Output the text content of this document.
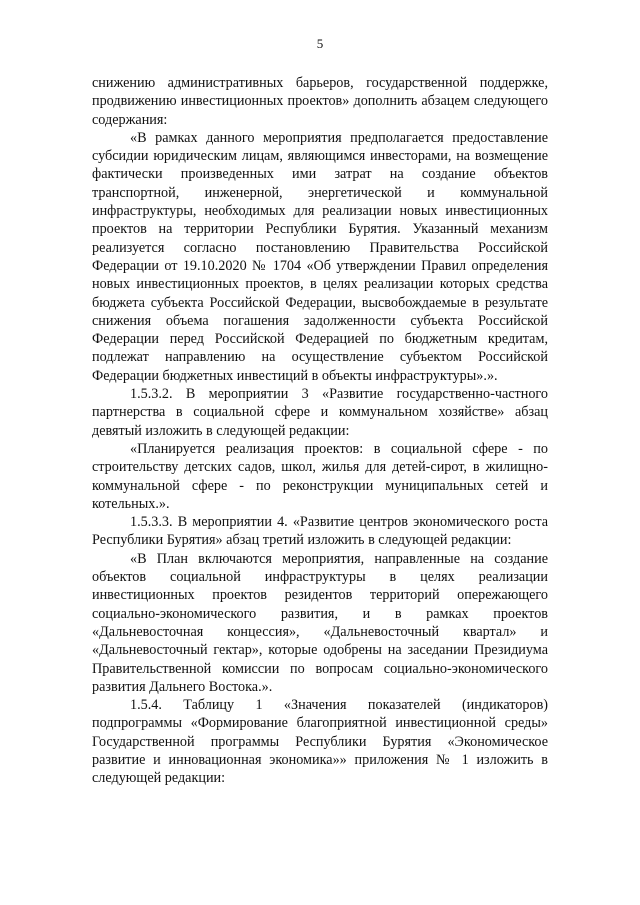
5

снижению административных барьеров, государственной поддержке, продвижению инвестиционных проектов» дополнить абзацем следующего содержания:

«В рамках данного мероприятия предполагается предоставление субсидии юридическим лицам, являющимся инвесторами, на возмещение фактически произведенных ими затрат на создание объектов транспортной, инженерной, энергетической и коммунальной инфраструктуры, необходимых для реализации новых инвестиционных проектов на территории Республики Бурятия. Указанный механизм реализуется согласно постановлению Правительства Российской Федерации от 19.10.2020 № 1704 «Об утверждении Правил определения новых инвестиционных проектов, в целях реализации которых средства бюджета субъекта Российской Федерации, высвобождаемые в результате снижения объема погашения задолженности субъекта Российской Федерации перед Российской Федерацией по бюджетным кредитам, подлежат направлению на осуществление субъектом Российской Федерации бюджетных инвестиций в объекты инфраструктуры».».

1.5.3.2. В мероприятии 3 «Развитие государственно-частного партнерства в социальной сфере и коммунальном хозяйстве» абзац девятый изложить в следующей редакции:

«Планируется реализация проектов: в социальной сфере - по строительству детских садов, школ, жилья для детей-сирот, в жилищно-коммунальной сфере - по реконструкции муниципальных сетей и котельных.».

1.5.3.3. В мероприятии 4. «Развитие центров экономического роста Республики Бурятия» абзац третий изложить в следующей редакции:

«В План включаются мероприятия, направленные на создание объектов социальной инфраструктуры в целях реализации инвестиционных проектов резидентов территорий опережающего социально-экономического развития, и в рамках проектов «Дальневосточная концессия», «Дальневосточный квартал» и «Дальневосточный гектар», которые одобрены на заседании Президиума Правительственной комиссии по вопросам социально-экономического развития Дальнего Востока.».

1.5.4. Таблицу 1 «Значения показателей (индикаторов) подпрограммы «Формирование благоприятной инвестиционной среды» Государственной программы Республики Бурятия «Экономическое развитие и инновационная экономика»» приложения № 1 изложить в следующей редакции:
